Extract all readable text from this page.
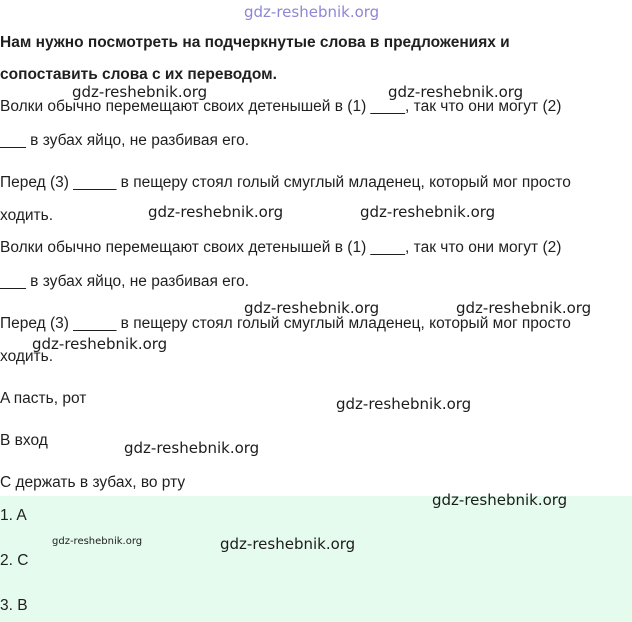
gdz-reshebnik.org
Нам нужно посмотреть на подчеркнутые слова в предложениях и
сопоставить слова с их переводом.
Волки обычно перемещают своих детенышей в (1) ____, так что они могут (2)
___ в зубах яйцо, не разбивая его.
Перед (3) _____ в пещеру стоял голый смуглый младенец, который мог просто
ходить.
Волки обычно перемещают своих детенышей в (1) ____, так что они могут (2)
___ в зубах яйцо, не разбивая его.
Перед (3) _____ в пещеру стоял голый смуглый младенец, который мог просто
ходить.
A пасть, рот
B вход
C держать в зубах, во рту
1. A
2. C
3. B
gdz-reshebnik.org	gdz-reshebnik.org
gdz-reshebnik.org	gdz-reshebnik.org
gdz-reshebnik.org	gdz-reshebnik.org
gdz-reshebnik.org
gdz-reshebnik.org
gdz-reshebnik.org
gdz-reshebnik.org
gdz-reshebnik.org	gdz-reshebnik.org
